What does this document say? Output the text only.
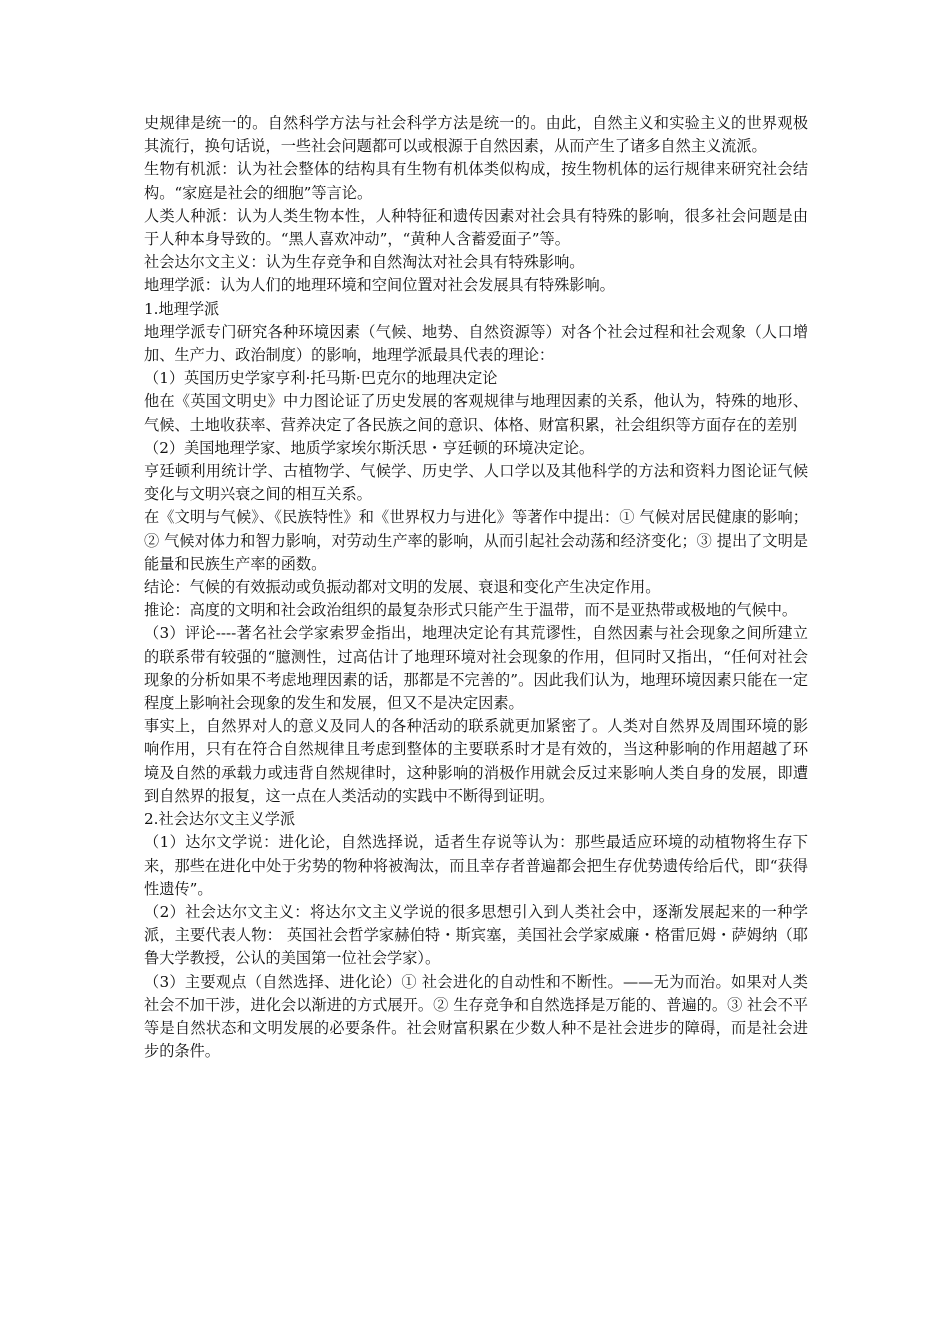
史规律是统一的。自然科学方法与社会科学方法是统一的。由此，自然主义和实验主义的世界观极其流行，换句话说，一些社会问题都可以或根源于自然因素，从而产生了诸多自然主义流派。

生物有机派：认为社会整体的结构具有生物有机体类似构成，按生物机体的运行规律来研究社会结构。“家庭是社会的细胞”等言论。

人类人种派：认为人类生物本性，人种特征和遗传因素对社会具有特殊的影响，很多社会问题是由于人种本身导致的。“黑人喜欢冲动”，“黄种人含蓄爱面子”等。

社会达尔文主义：认为生存竞争和自然淘汰对社会具有特殊影响。

地理学派：认为人们的地理环境和空间位置对社会发展具有特殊影响。

1.地理学派

地理学派专门研究各种环境因素（气候、地势、自然资源等）对各个社会过程和社会观象（人口增加、生产力、政治制度）的影响，地理学派最具代表的理论：

（1）英国历史学家亨利·托马斯·巴克尔的地理决定论

他在《英国文明史》中力图论证了历史发展的客观规律与地理因素的关系，他认为，特殊的地形、气候、土地收获率、营养决定了各民族之间的意识、体格、财富积累，社会组织等方面存在的差别

（2）美国地理学家、地质学家埃尔斯沃思・亨廷顿的环境决定论。

亨廷顿利用统计学、古植物学、气候学、历史学、人口学以及其他科学的方法和资料力图论证气候变化与文明兴衰之间的相互关系。

在《文明与气候》、《民族特性》和《世界权力与进化》等著作中提出：① 气候对居民健康的影响；② 气候对体力和智力影响，对劳动生产率的影响，从而引起社会动荡和经济变化；③ 提出了文明是能量和民族生产率的函数。

结论：气候的有效振动或负振动都对文明的发展、衰退和变化产生决定作用。

推论：高度的文明和社会政治组织的最复杂形式只能产生于温带，而不是亚热带或极地的气候中。

（3）评论----著名社会学家索罗金指出，地理决定论有其荒谬性，自然因素与社会现象之间所建立的联系带有较强的“臆测性，过高估计了地理环境对社会现象的作用，但同时又指出，“任何对社会现象的分析如果不考虑地理因素的话，那都是不完善的”。因此我们认为，地理环境因素只能在一定程度上影响社会现象的发生和发展，但又不是决定因素。

事实上，自然界对人的意义及同人的各种活动的联系就更加紧密了。人类对自然界及周围环境的影响作用，只有在符合自然规律且考虑到整体的主要联系时才是有效的，当这种影响的作用超越了环境及自然的承载力或违背自然规律时，这种影响的消极作用就会反过来影响人类自身的发展，即遭到自然界的报复，这一点在人类活动的实践中不断得到证明。

2.社会达尔文主义学派

（1）达尔文学说：进化论，自然选择说，适者生存说等认为：那些最适应环境的动植物将生存下来，那些在进化中处于劣势的物种将被淘汰，而且幸存者普遍都会把生存优势遗传给后代，即“获得性遗传”。

（2）社会达尔文主义：将达尔文主义学说的很多思想引入到人类社会中，逐渐发展起来的一种学派，主要代表人物： 英国社会哲学家赫伯特・斯宾塞，美国社会学家威廉・格雷厄姆・萨姆纳（耶鲁大学教授，公认的美国第一位社会学家）。

（3）主要观点（自然选择、进化论）① 社会进化的自动性和不断性。——无为而治。如果对人类社会不加干涉，进化会以渐进的方式展开。② 生存竞争和自然选择是万能的、普遍的。③ 社会不平等是自然状态和文明发展的必要条件。社会财富积累在少数人种不是社会进步的障碍，而是社会进步的条件。
